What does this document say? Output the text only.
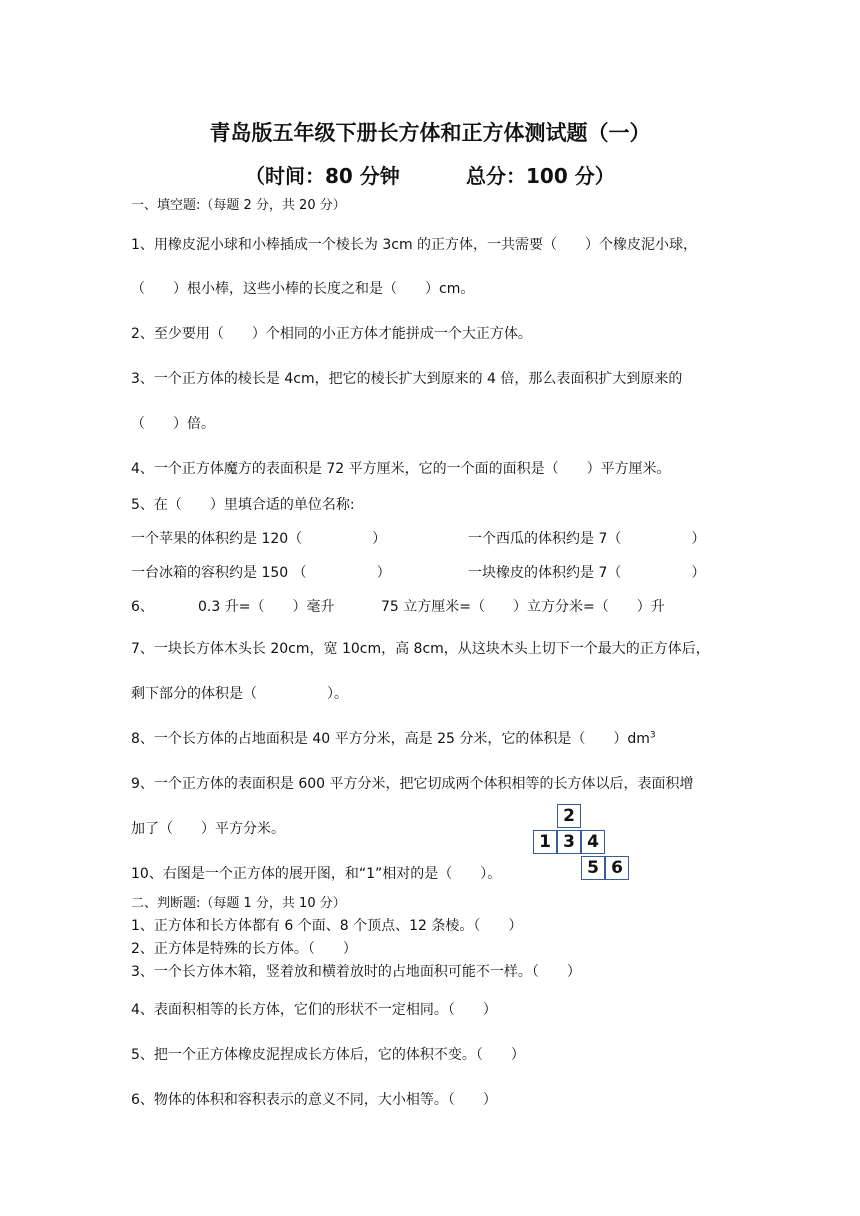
青岛版五年级下册长方体和正方体测试题（一）
（时间：80 分钟	总分：100 分）
一、填空题:（每题 2 分，共 20 分）
1、用橡皮泥小球和小棒插成一个棱长为 3cm 的正方体，一共需要（　　）个橡皮泥小球，
（　　）根小棒，这些小棒的长度之和是（　　）cm。
2、至少要用（　　）个相同的小正方体才能拼成一个大正方体。
3、一个正方体的棱长是 4cm，把它的棱长扩大到原来的 4 倍，那么表面积扩大到原来的
（　　）倍。
4、一个正方体魔方的表面积是 72 平方厘米，它的一个面的面积是（　　）平方厘米。
5、在（　　）里填合适的单位名称:
一个苹果的体积约是 120（　　　　　）	一个西瓜的体积约是 7（　　　　　）
一台冰箱的容积约是 150 （　　　　　）	一块橡皮的体积约是 7（　　　　　）
6、	0.3 升=（　　）毫升	75 立方厘米=（　　）立方分米=（　　）升
7、一块长方体木头长 20cm，宽 10cm，高 8cm，从这块木头上切下一个最大的正方体后，
剩下部分的体积是（　　　　　）。
8、一个长方体的占地面积是 40 平方分米，高是 25 分米，它的体积是（　　）$dm^3$
9、一个正方体的表面积是 600 平方分米，把它切成两个体积相等的长方体以后，表面积增
加了（　　）平方分米。
10、右图是一个正方体的展开图，和“1”相对的是（　　）。
2
1 3 4
5 6
二、判断题:（每题 1 分，共 10 分）
1、正方体和长方体都有 6 个面、8 个顶点、12 条棱。（　　）
2、正方体是特殊的长方体。（　　）
3、一个长方体木箱，竖着放和横着放时的占地面积可能不一样。（　　）
4、表面积相等的长方体，它们的形状不一定相同。（　　）
5、把一个正方体橡皮泥捏成长方体后，它的体积不变。（　　）
6、物体的体积和容积表示的意义不同，大小相等。（　　）
